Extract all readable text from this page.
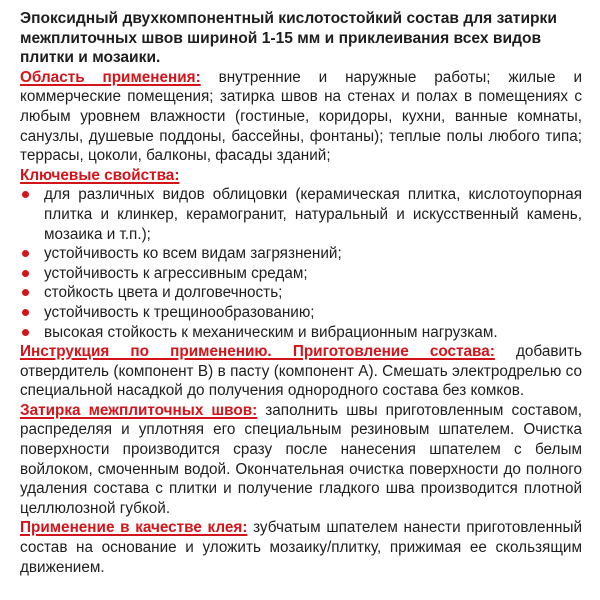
Эпоксидный двухкомпонентный кислотостойкий состав для затирки межплиточных швов шириной 1-15 мм и приклеивания всех видов плитки и мозаики.

Область применения: внутренние и наружные работы; жилые и коммерческие помещения; затирка швов на стенах и полах в помещениях с любым уровнем влажности (гостиные, коридоры, кухни, ванные комнаты, санузлы, душевые поддоны, бассейны, фонтаны); теплые полы любого типа; террасы, цоколи, балконы, фасады зданий;

Ключевые свойства:
для различных видов облицовки (керамическая плитка, кислотоупорная плитка и клинкер, керамогранит, натуральный и искусственный камень, мозаика и т.п.);
устойчивость ко всем видам загрязнений;
устойчивость к агрессивным средам;
стойкость цвета и долговечность;
устойчивость к трещинообразованию;
высокая стойкость к механическим и вибрационным нагрузкам.

Инструкция по применению. Приготовление состава: добавить отвердитель (компонент В) в пасту (компонент А). Смешать электродрелью со специальной насадкой до получения однородного состава без комков.

Затирка межплиточных швов: заполнить швы приготовленным составом, распределяя и уплотняя его специальным резиновым шпателем. Очистка поверхности производится сразу после нанесения шпателем с белым войлоком, смоченным водой. Окончательная очистка поверхности до полного удаления состава с плитки и получение гладкого шва производится плотной целлюлозной губкой.

Применение в качестве клея: зубчатым шпателем нанести приготовленный состав на основание и уложить мозаику/плитку, прижимая ее скользящим движением.
